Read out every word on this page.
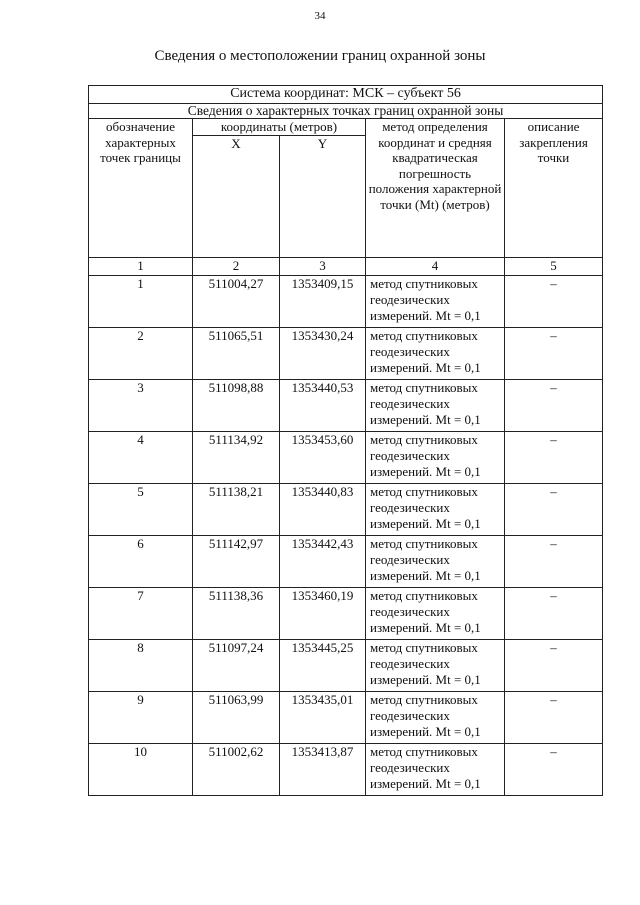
34
Сведения о местоположении границ охранной зоны
Система координат: МСК – субъект 56				
Сведения о характерных точках границ охранной зоны				
обозначение характерных точек границы	координаты (метров)		метод определения координат и средняя квадратическая погрешность положения характерной точки (Mt) (метров)	описание закрепления точки
	X	Y		
1	2	3	4	5
1	511004,27	1353409,15	метод спутниковых геодезических измерений. Mt = 0,1	–
2	511065,51	1353430,24	метод спутниковых геодезических измерений. Mt = 0,1	–
3	511098,88	1353440,53	метод спутниковых геодезических измерений. Mt = 0,1	–
4	511134,92	1353453,60	метод спутниковых геодезических измерений. Mt = 0,1	–
5	511138,21	1353440,83	метод спутниковых геодезических измерений. Mt = 0,1	–
6	511142,97	1353442,43	метод спутниковых геодезических измерений. Mt = 0,1	–
7	511138,36	1353460,19	метод спутниковых геодезических измерений. Mt = 0,1	–
8	511097,24	1353445,25	метод спутниковых геодезических измерений. Mt = 0,1	–
9	511063,99	1353435,01	метод спутниковых геодезических измерений. Mt = 0,1	–
10	511002,62	1353413,87	метод спутниковых геодезических измерений. Mt = 0,1	–
